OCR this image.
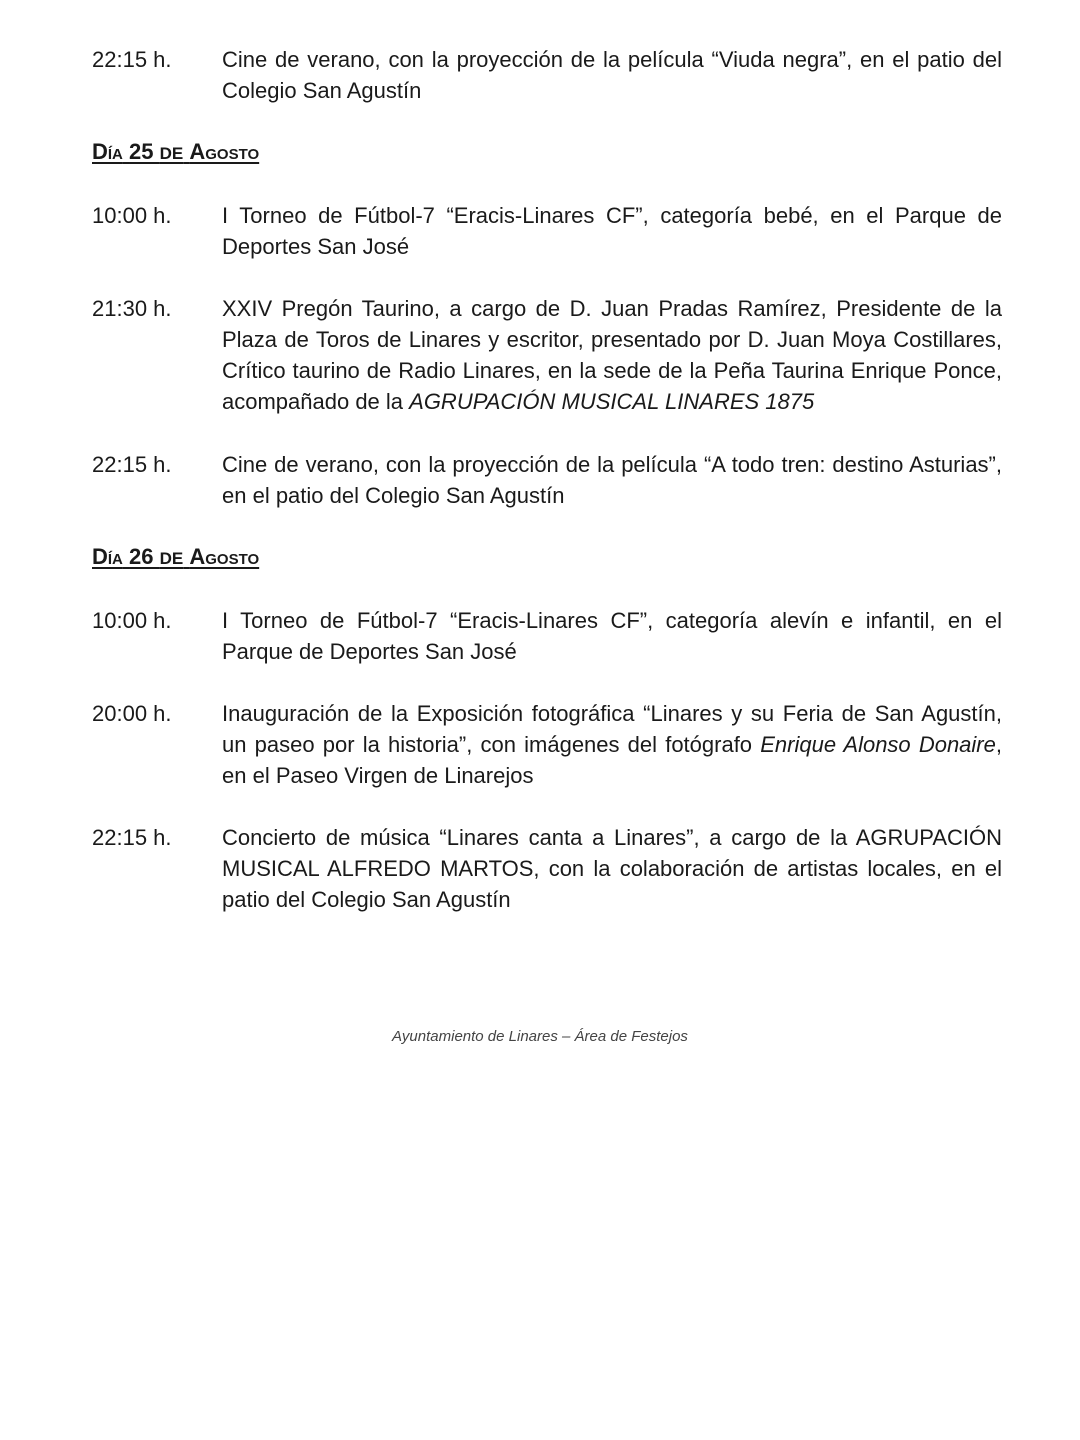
22:15 h.	Cine de verano, con la proyección de la película “Viuda negra”, en el patio del Colegio San Agustín
Día 25 DE Agosto
10:00 h.	I Torneo de Fútbol-7 “Eracis-Linares CF”, categoría bebé, en el Parque de Deportes San José
21:30 h.	XXIV Pregón Taurino, a cargo de D. Juan Pradas Ramírez, Presidente de la Plaza de Toros de Linares y escritor, presentado por D. Juan Moya Costillares, Crítico taurino de Radio Linares, en la sede de la Peña Taurina Enrique Ponce, acompañado de la AGRUPACIÓN MUSICAL LINARES 1875
22:15 h.	Cine de verano, con la proyección de la película “A todo tren: destino Asturias”, en el patio del Colegio San Agustín
Día 26 DE Agosto
10:00 h.	I Torneo de Fútbol-7 “Eracis-Linares CF”, categoría alevín e infantil, en el Parque de Deportes San José
20:00 h.	Inauguración de la Exposición fotográfica “Linares y su Feria de San Agustín, un paseo por la historia”, con imágenes del fotógrafo Enrique Alonso Donaire, en el Paseo Virgen de Linarejos
22:15 h.	Concierto de música “Linares canta a Linares”, a cargo de la AGRUPACIÓN MUSICAL ALFREDO MARTOS, con la colaboración de artistas locales, en el patio del Colegio San Agustín
Ayuntamiento de Linares – Área de Festejos
